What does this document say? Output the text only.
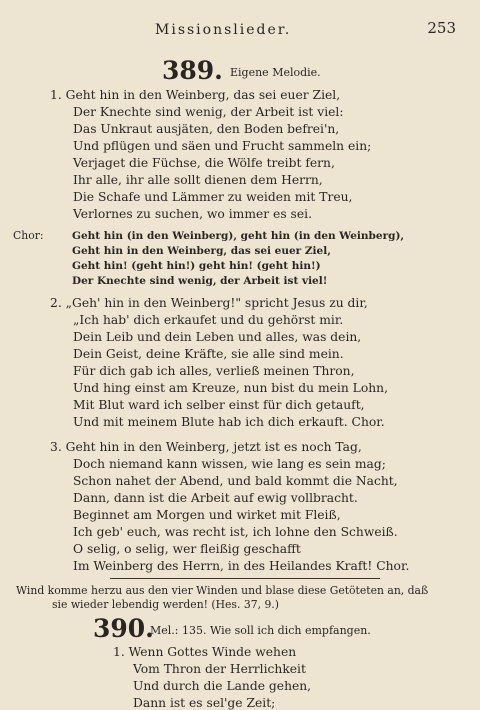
Missionslieder.	253
389. Eigene Melodie.
1. Geht hin in den Weinberg, das sei euer Ziel,
Der Knechte sind wenig, der Arbeit ist viel:
Das Unkraut ausjäten, den Boden befrei'n,
Und pflügen und säen und Frucht sammeln ein;
Verjaget die Füchse, die Wölfe treibt fern,
Ihr alle, ihr alle sollt dienen dem Herrn,
Die Schafe und Lämmer zu weiden mit Treu,
Verlornes zu suchen, wo immer es sei.
Chor:	Geht hin (in den Weinberg), geht hin (in den Weinberg),
Geht hin in den Weinberg, das sei euer Ziel,
Geht hin! (geht hin!) geht hin! (geht hin!)
Der Knechte sind wenig, der Arbeit ist viel!
2. „Geh' hin in den Weinberg!" spricht Jesus zu dir,
„Ich hab' dich erkaufet und du gehörst mir.
Dein Leib und dein Leben und alles, was dein,
Dein Geist, deine Kräfte, sie alle sind mein.
Für dich gab ich alles, verließ meinen Thron,
Und hing einst am Kreuze, nun bist du mein Lohn,
Mit Blut ward ich selber einst für dich getauft,
Und mit meinem Blute hab ich dich erkauft. Chor.
3. Geht hin in den Weinberg, jetzt ist es noch Tag,
Doch niemand kann wissen, wie lang es sein mag;
Schon nahet der Abend, und bald kommt die Nacht,
Dann, dann ist die Arbeit auf ewig vollbracht.
Beginnet am Morgen und wirket mit Fleiß,
Ich geb' euch, was recht ist, ich lohne den Schweiß.
O selig, o selig, wer fleißig geschafft
Im Weinberg des Herrn, in des Heilandes Kraft! Chor.
Wind komme herzu aus den vier Winden und blase diese Getöteten an, daß
sie wieder lebendig werden! (Hes. 37, 9.)
390.
Mel.: 135. Wie soll ich dich empfangen.
1. Wenn Gottes Winde wehen
Vom Thron der Herrlichkeit
Und durch die Lande gehen,
Dann ist es sel'ge Zeit;
